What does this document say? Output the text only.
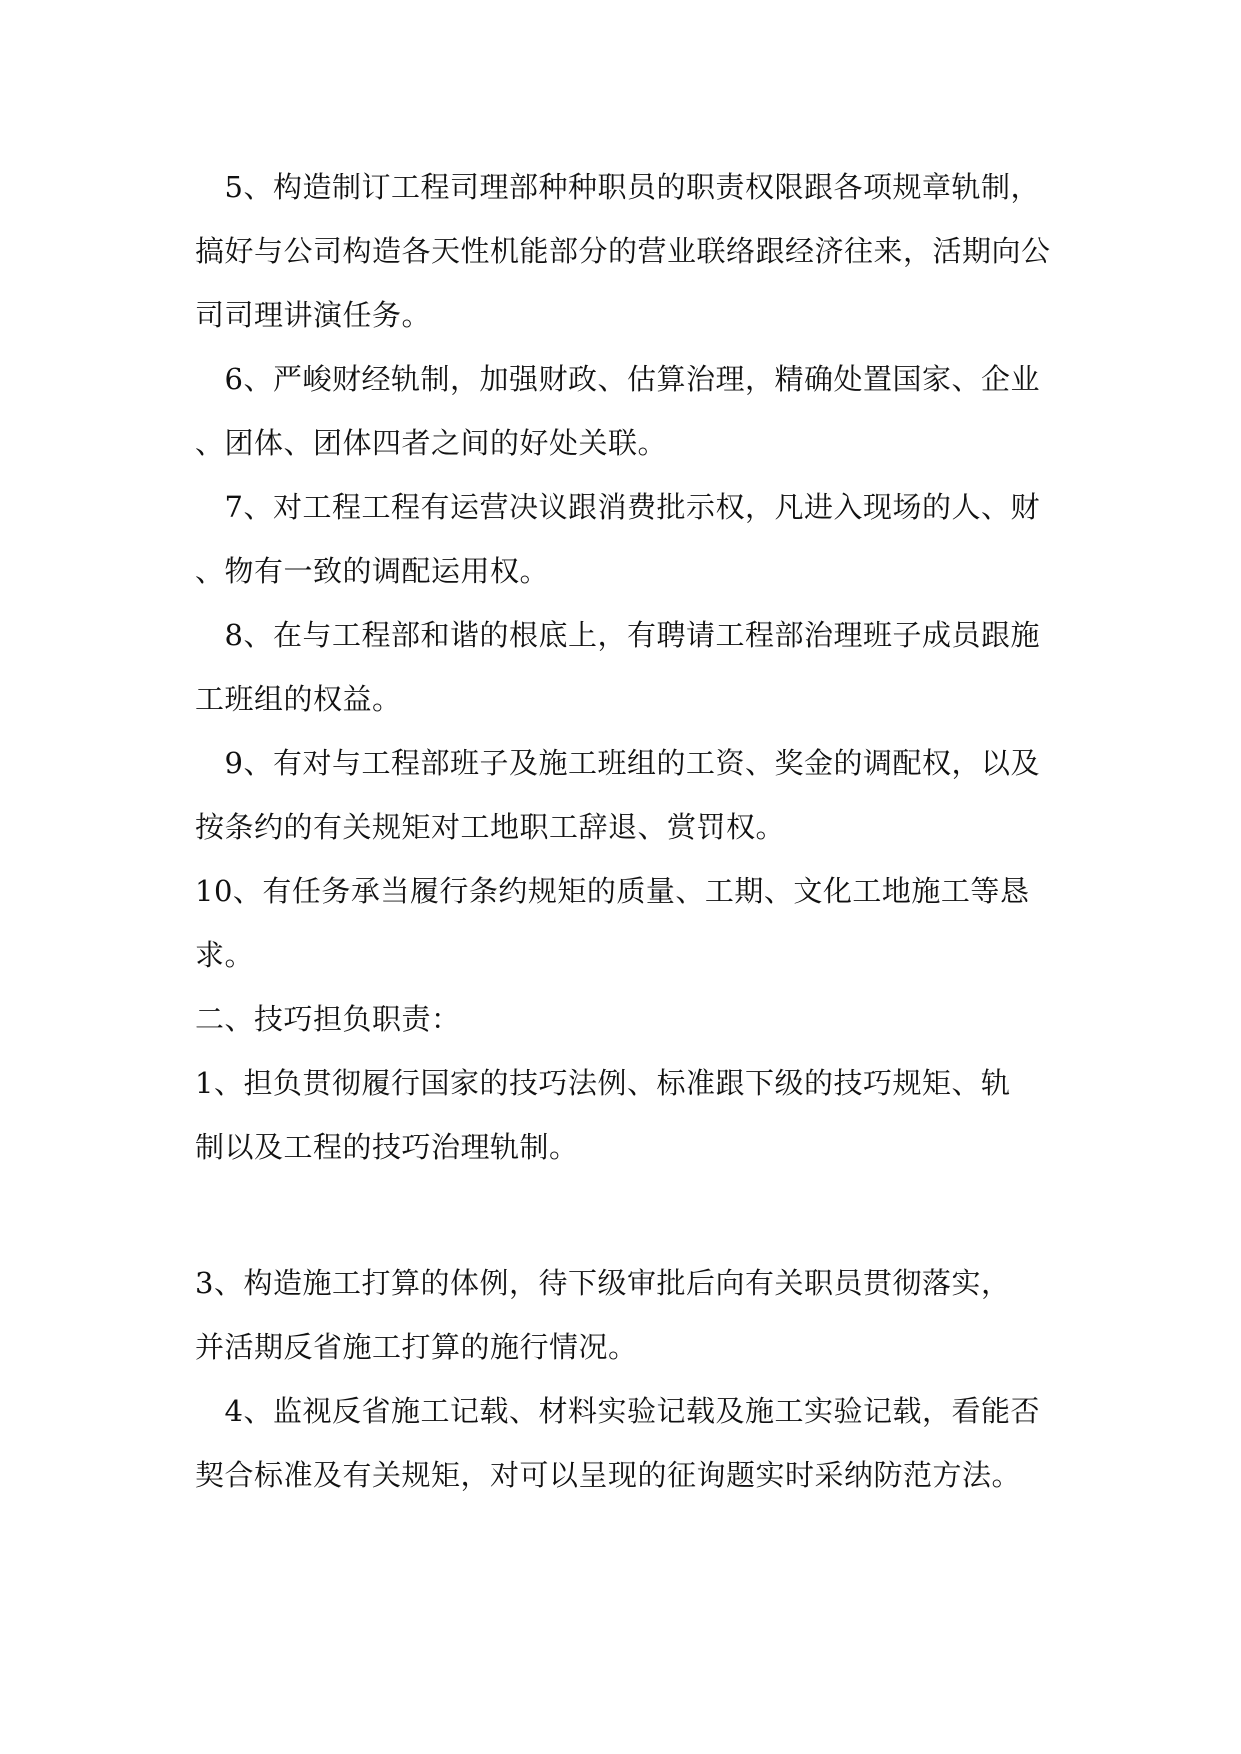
　5、构造制订工程司理部种种职员的职责权限跟各项规章轨制，
搞好与公司构造各天性机能部分的营业联络跟经济往来，活期向公
司司理讲演任务。
　6、严峻财经轨制，加强财政、估算治理，精确处置国家、企业
、团体、团体四者之间的好处关联。
　7、对工程工程有运营决议跟消费批示权，凡进入现场的人、财
、物有一致的调配运用权。
　8、在与工程部和谐的根底上，有聘请工程部治理班子成员跟施
工班组的权益。
　9、有对与工程部班子及施工班组的工资、奖金的调配权，以及
按条约的有关规矩对工地职工辞退、赏罚权。
10、有任务承当履行条约规矩的质量、工期、文化工地施工等恳
求。
二、技巧担负职责：
1、担负贯彻履行国家的技巧法例、标准跟下级的技巧规矩、轨
制以及工程的技巧治理轨制。
3、构造施工打算的体例，待下级审批后向有关职员贯彻落实，
并活期反省施工打算的施行情况。
　4、监视反省施工记载、材料实验记载及施工实验记载，看能否
契合标准及有关规矩，对可以呈现的征询题实时采纳防范方法。
